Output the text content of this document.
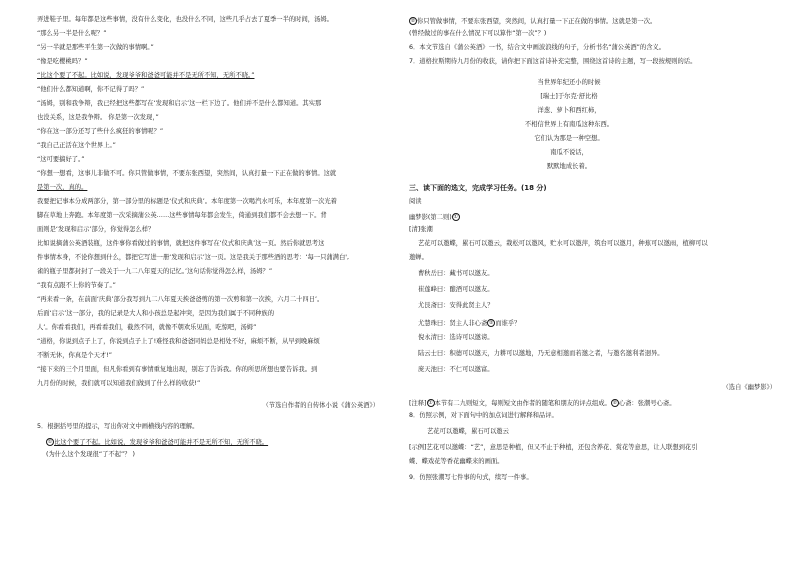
弄进鞋子里。每年都是这些事情，没有什么变化，也没什么不同，这些几乎占去了夏季一半的时间，汤姆。
“那么另一半是什么呢？”
“另一半就是那些平生第一次做的事情啊。”
“像是吃樱桃吗？”
“比这个要了不起。比如说，发现爷爷和爸爸可能并不是无所不知，无所不晓。”
“他们什么都知道啊，你不记得了吗？”
“汤姆，别和我争辩，我已经把这些都写在‘发现和启示’这一栏下边了。他们并不是什么都知道。其实那
也没关系，这是我争辩。 你是第一次发现，”
“你在这一部分还写了些什么疯狂的事情呢？”
“我自己正活在这个世界上。”
“这可要搞好了。”
“你想一想看，这事儿非做不可。你只管做事情，不要东张西望，突然间，认真打量一下正在做的事情。这就
是第一次，真的。
我要把记事本分成两部分，第一部分里的标题是‘仪式和庆典’。本年度第一次喝汽水可乐，本年度第一次光着
脚在草地上奔跑。本年度第一次采摘蒲公英……这些事情每年都会发生，倚通到我们都不会去想一下。背
面则是‘发现和启示’部分，你觉得怎么样？
比如说摘蒲公英酒装瓶，这件事你看做过的事情，就把这件事写在‘仪式和庆典’这一页。然后你就思考这
件事情本身，不论你想到什么，都把它写进一册‘发现和启示’这一页。这是我关于那些酒的思考：‘每一只蒲满白',
雀的瓶子里都封封了一段关于一九二八年夏天的记忆。’这句话你觉得怎么样，汤姆？”
“我有点跟不上你的节奏了。”
“再来看一条，在前面‘庆典’部分我写到九二八年夏天挨爸爸剪的第一次剪和第一次挨，六月二十四日’。
后面‘启示’这一部分，我的记录是大人和小孩总是起冲突，是因为我们属于不同种族的
人’。你看看我们，再看看我们，截然不同，就像不朝欢乐见面，吃惊吧，汤姆”
“道格，你说到点子上了，你说到点子上了!难怪我和爸爸同妈总是相处不好，麻烦不断，从早到晚麻烦
不断无休，你真是个天才!”
“接下来的三个月里面，但凡你看到有事情重复地出现，别忘了告诉我。你的所思所想也要告诉我。到
九月份的时候，我们就可以知道我们做到了什么样的收获!”
（节选自作者的自传体小说《蒲公英酒》）
5．根据括号里的提示，写出你对文中画横线内容的理解。
① 比这个要了不起。比如说，发现爷爷和爸爸可能并不是无所不知，无所不晓。
(为什么这个发现很“了不起”？ )
② 你只管做事情，不要东张西望，突然间，认真打量一下正在做的事情。这就是第一次。
(曾经做过的事在什么情况下可以算作“第一次”？)
6．本文节选自《蒲公英酒》一书，结合文中画波浪线的句子，分析书名“蒲公英酒”的含义。
7．道格拉斯期待九月份的收获，请你把下面这首诗补充完整，围绕这首诗的主题，写一段按规则的话。
当世界年纪还小的时候
[瑞士]于尔克·舒比格
洋葱、萝卜和西红柿，
不相信世界上有南瓜这种东西。
它们认为那是一种空想。
南瓜不说话，
默默地成长着。
三、读下面的选文，完成学习任务。(18 分)
阅读
幽梦影(第二则) ①
[清]张潮
艺花可以邀蝶，累石可以邀云，栽松可以邀风，贮水可以邀萍，筑台可以邀月，种蕉可以邀雨，植柳可以
邀蝉。
曹秋岳曰：藏书可以邀友。
崔莲峰曰：酿酒可以邀友。
尤艮斋曰：安得此贤主人？
尤慧珠曰：贤主人非心斋 ② 而谁乎？
倪永清曰：选诗可以邀谤。
陆云士曰：积德可以邀天，力耕可以邀地，乃无意相邀而若邀之者，与邀名邀利者迥异。
庞天池曰：不仁可以邀富。
（选自《幽梦影》）
[注释] ① 本节有二九则短文，每则短文由作者的随笔和朋友的评点组成。 ② 心斋：张潮号心斋。
8．仿照示例，对下面句中的加点词进行解释和品评。
艺花可以邀蝶，累石可以邀云
[示例]艺花可以邀蝶：“艺”，意思是种植，但又不止于种植，还包含养花、赏花等意思，让人联想到花引
蝶、蝶戏花等香花幽蝶来的画面。
9．仿照张潮写七件事的句式，续写一件事。
